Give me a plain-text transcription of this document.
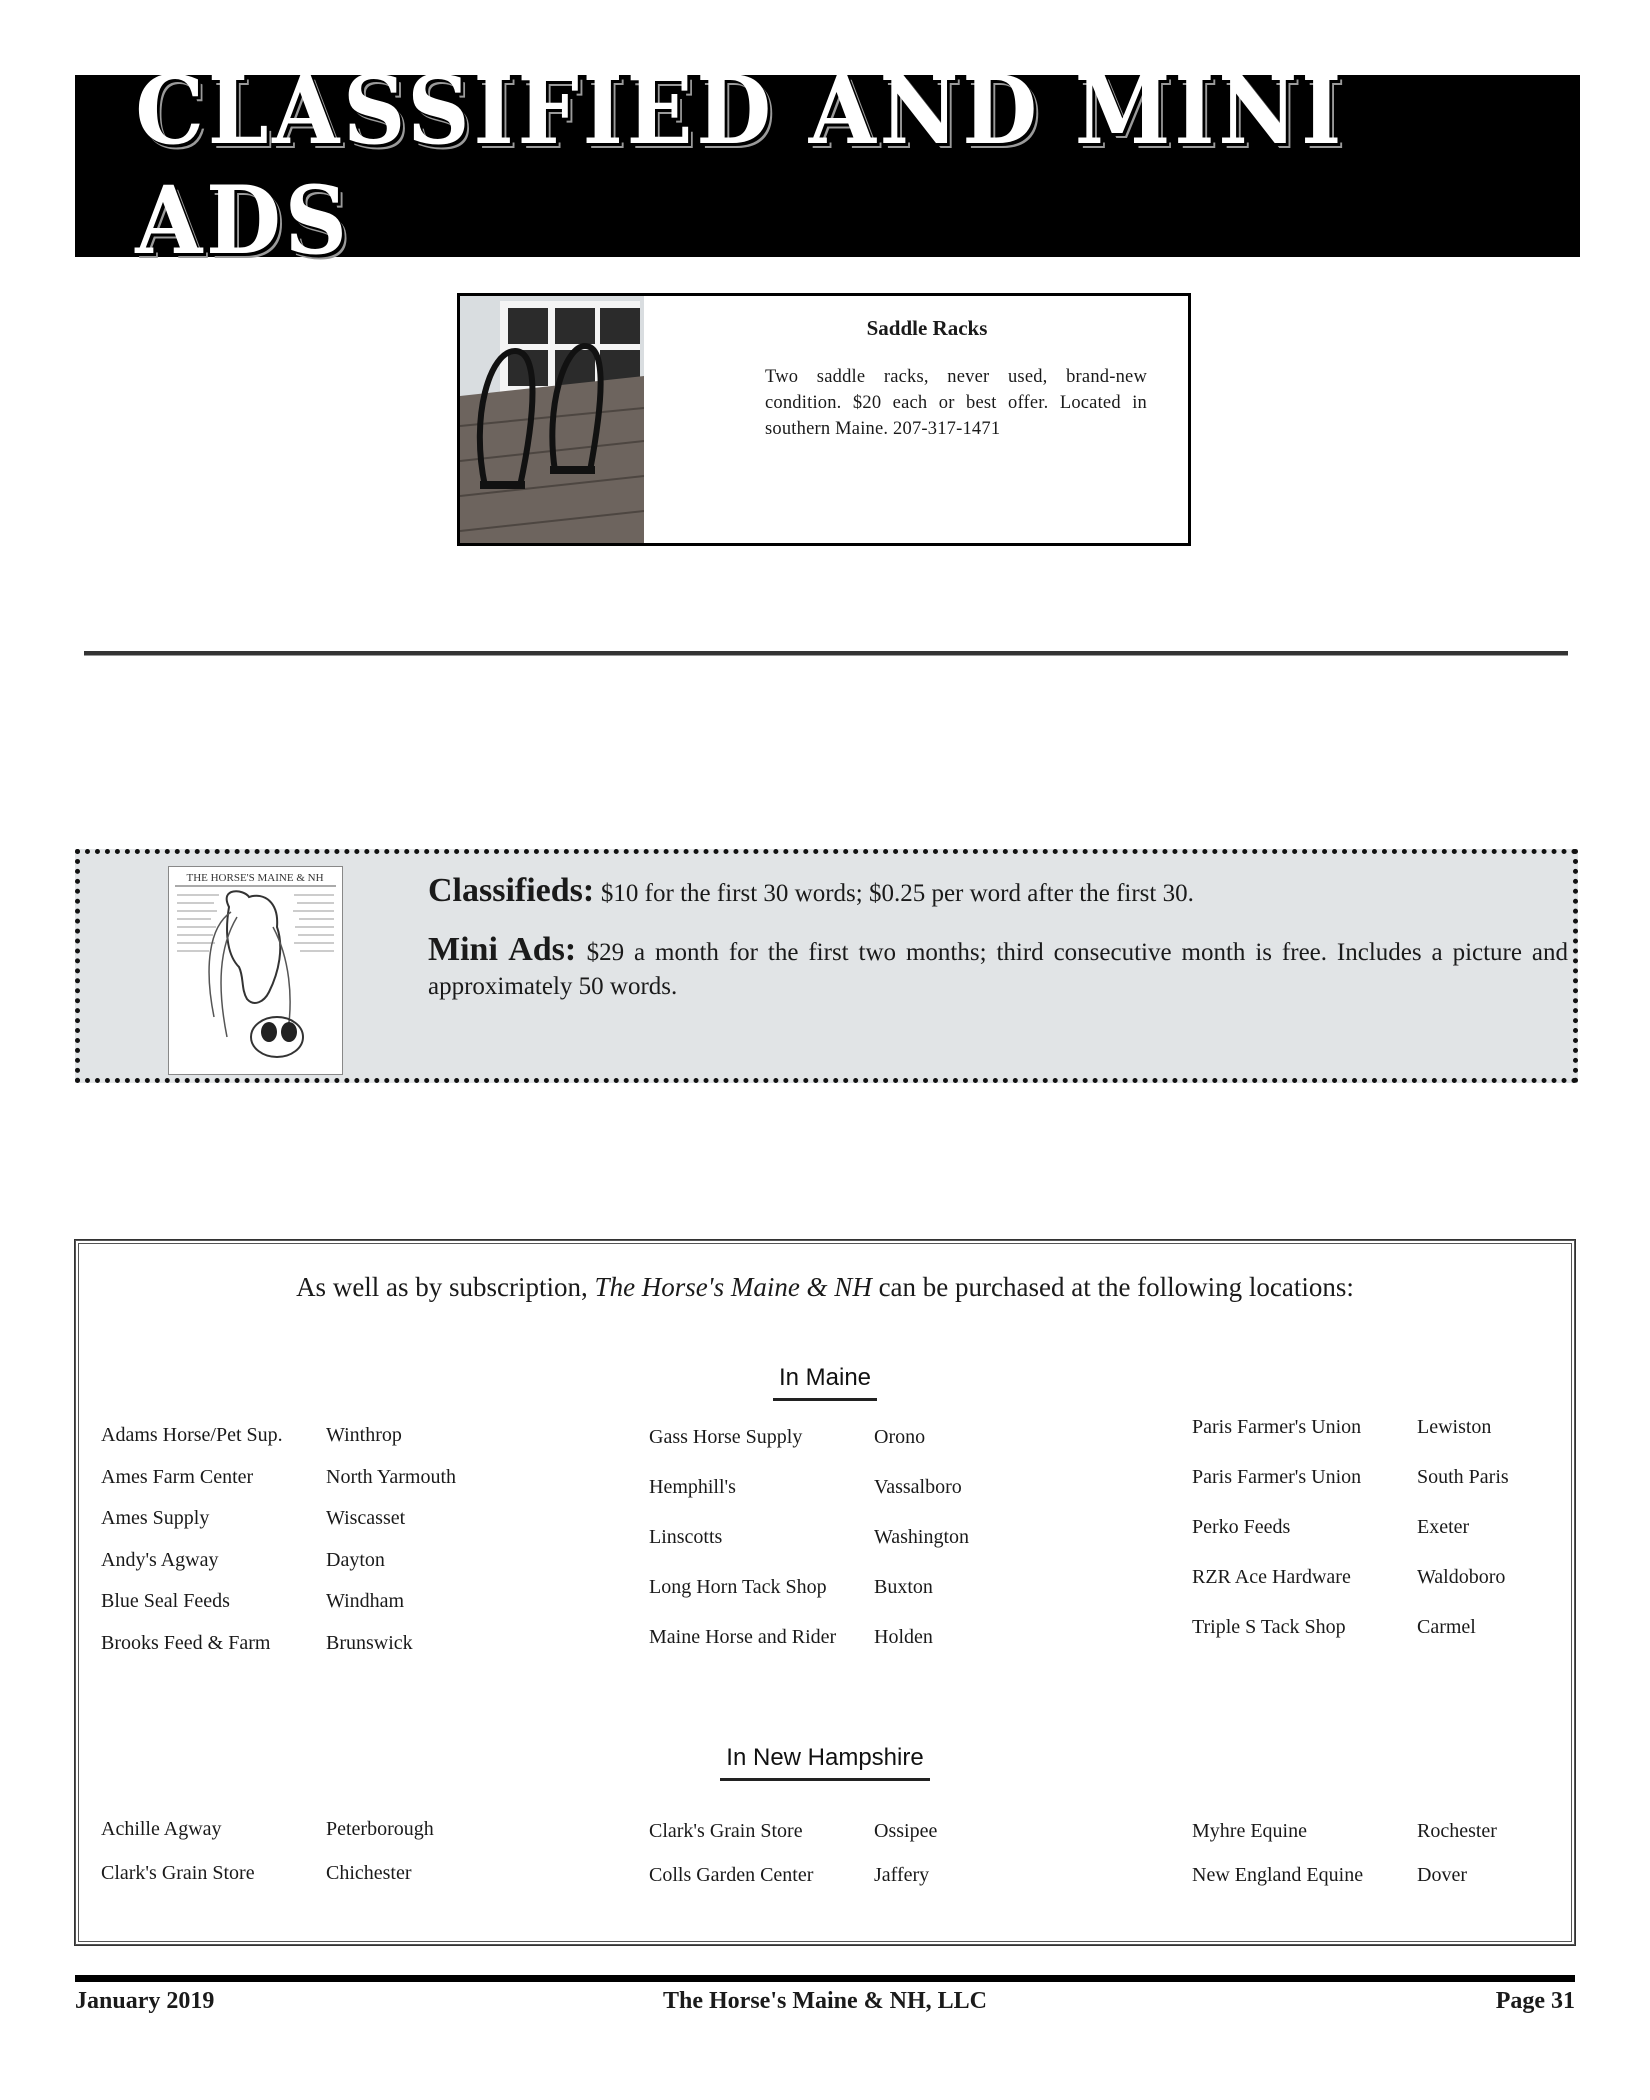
CLASSIFIED AND MINI ADS
Saddle Racks
Two saddle racks, never used, brand-new condition. $20 each or best offer. Located in southern Maine. 207-317-1471
THE HORSE'S MAINE & NH	Classifieds: $10 for the first 30 words; $0.25 per word after the first 30.

Mini Ads: $29 a month for the first two months; third consecutive month is free. Includes a picture and approximately 50 words.

As well as by subscription, The Horse's Maine & NH can be purchased at the following locations:
In Maine
In New Hampshire
Adams Horse/Pet Sup. Winthrop
Ames Farm Center	North Yarmouth
Ames Supply	Wiscasset
Andy's Agway	Dayton
Blue Seal Feeds	Windham
Brooks Feed & Farm	Brunswick
Gass Horse Supply	Orono
Hemphill's	Vassalboro
Linscotts	Washington
Long Horn Tack Shop Buxton
Maine Horse and Rider Holden
Paris Farmer's Union	Lewiston
Paris Farmer's Union	South Paris
Perko Feeds	Exeter
RZR Ace Hardware	Waldoboro
Triple S Tack Shop	Carmel
Achille Agway	Peterborough
Clark's Grain Store	Chichester
Clark's Grain Store	Ossipee
Colls Garden Center	Jaffery
Myhre Equine	Rochester
New England Equine	Dover
January 2019	The Horse's Maine & NH, LLC	Page 31
